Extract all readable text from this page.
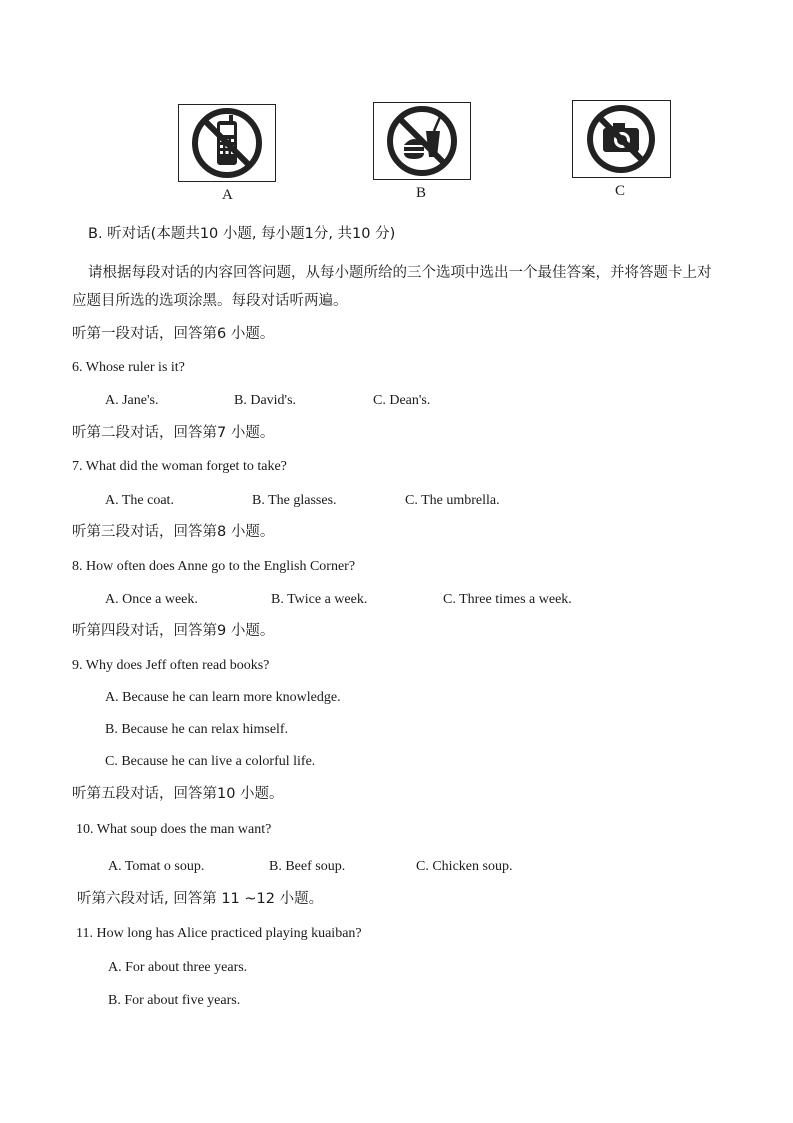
A	B	C
B. 听对话(本题共10 小题, 每小题1分, 共10 分)
请根据每段对话的内容回答问题，从每小题所给的三个选项中选出一个最佳答案，并将答题卡上对应题目所选的选项涂黑。每段对话听两遍。
听第一段对话，回答第6 小题。
6. Whose ruler is it?
A. Jane's.	B. David's.	C. Dean's.
听第二段对话，回答第7 小题。
7. What did the woman forget to take?
A. The coat.	B. The glasses.	C. The umbrella.
听第三段对话，回答第8 小题。
8. How often does Anne go to the English Corner?
A. Once a week.	B. Twice a week.	C. Three times a week.
听第四段对话，回答第9 小题。
9. Why does Jeff often read books?
A. Because he can learn more knowledge.
B. Because he can relax himself.
C. Because he can live a colorful life.
听第五段对话，回答第10 小题。
10. What soup does the man want?
A. Tomat o soup.	B. Beef soup.	C. Chicken soup.
听第六段对话, 回答第 11 ~12 小题。
11. How long has Alice practiced playing kuaiban?
A. For about three years.
B. For about five years.
